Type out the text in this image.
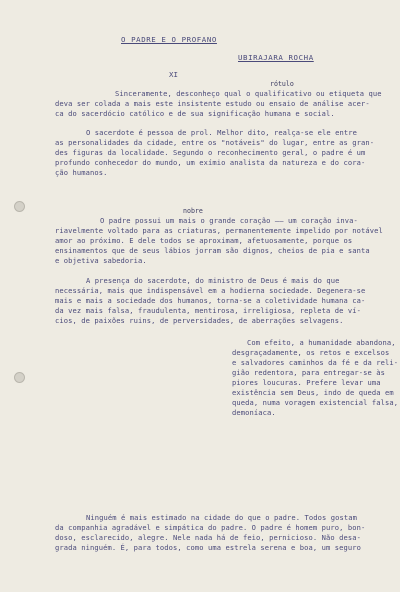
O PADRE E O PROFANO
UBIRAJARA ROCHA
XI
rótulo
nobre
Sinceramente, desconheço qual o qualificativo ou etiqueta que
deva ser colada a mais este insistente estudo ou ensaio de análise acer-
ca do sacerdócio católico e de sua significação humana e social.
O sacerdote é pessoa de prol. Melhor dito, realça-se ele entre
as personalidades da cidade, entre os "notáveis" do lugar, entre as gran-
des figuras da localidade. Segundo o reconhecimento geral, o padre é um
profundo conhecedor do mundo, um exímio analista da natureza e do cora-
ção humanos.
O padre possui um mais o grande coração —— um coração inva-
riavelmente voltado para as criaturas, permanentemente impelido por notável
amor ao próximo. E dele todos se aproximam, afetuosamente, porque os
ensinamentos que de seus lábios jorram são dignos, cheios de pia e santa
e objetiva sabedoria.
A presença do sacerdote, do ministro de Deus é mais do que
necessária, mais que indispensável em a hodierna sociedade. Degenera-se
mais e mais a sociedade dos humanos, torna-se a coletividade humana ca-
da vez mais falsa, fraudulenta, mentirosa, irreligiosa, repleta de ví-
cios, de paixões ruins, de perversidades, de aberrações selvagens.
Com efeito, a humanidade abandona,
desgraçadamente, os retos e excelsos
e salvadores caminhos da fé e da reli-
gião redentora, para entregar-se às
piores loucuras. Prefere levar uma
existência sem Deus, indo de queda em
queda, numa voragem existencial falsa,
demoníaca.
Ninguém é mais estimado na cidade do que o padre. Todos gostam
da companhia agradável e simpática do padre. O padre é homem puro, bon-
doso, esclarecido, alegre. Nele nada há de feio, pernicioso. Não desa-
grada ninguém. É, para todos, como uma estrela serena e boa, um seguro
